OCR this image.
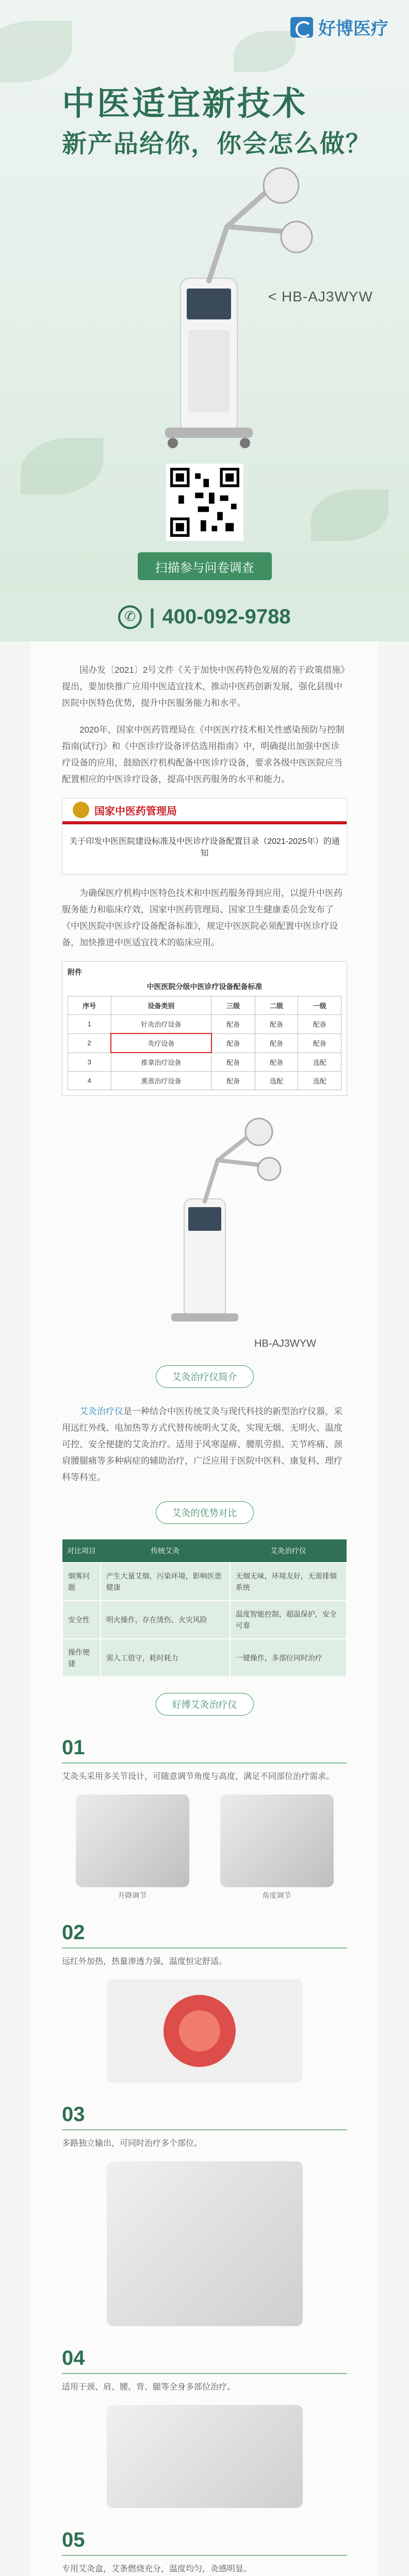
好博医疗
中医适宜新技术
新产品给你，你会怎么做？
< HB-AJ3WYW
扫描参与问卷调查
✆
| 400-092-9788

国办发〔2021〕2号文件《关于加快中医药特色发展的若干政策措施》提出，要加快推广应用中医适宜技术，推动中医药创新发展，强化县级中医院中医特色优势，提升中医服务能力和水平。

2020年，国家中医药管理局在《中医医疗技术相关性感染预防与控制指南(试行)》和《中医诊疗设备评估选用指南》中，明确提出加强中医诊疗设备的应用，鼓励医疗机构配备中医诊疗设备，要求各级中医医院应当配置相应的中医诊疗设备，提高中医药服务的水平和能力。

国家中医药管理局
关于印发中医医院建设标准及中医诊疗设备配置目录（2021-2025年）的通知

为确保医疗机构中医特色技术和中医药服务得到应用，以提升中医药服务能力和临床疗效，国家中医药管理局、国家卫生健康委员会发布了《中医医院中医诊疗设备配备标准》，规定中医医院必须配置中医诊疗设备，加快推进中医适宜技术的临床应用。

附件
中医医院分级中医诊疗设备配备标准
序号	设备类别	三级	二级	一级
1	针灸治疗设备	配备	配备	配备
2	灸疗设备	配备	配备	配备
3	推拿治疗设备	配备	配备	选配
4	熏蒸治疗设备	配备	选配	选配
HB-AJ3WYW
艾灸治疗仪简介

艾灸治疗仪是一种结合中医传统艾灸与现代科技的新型治疗仪器，采用远红外线、电加热等方式代替传统明火艾灸，实现无烟、无明火、温度可控、安全便捷的艾灸治疗。适用于风寒湿痹、腰肌劳损、关节疼痛、颈肩腰腿痛等多种病症的辅助治疗，广泛应用于医院中医科、康复科、理疗科等科室。

艾灸的优势对比
对比项目	传统艾灸	艾灸治疗仪
烟雾问题	产生大量艾烟，污染环境，影响医患健康	无烟无味，环境友好，无需排烟系统
安全性	明火操作，存在烫伤、火灾风险	温度智能控制，超温保护，安全可靠
操作便捷	需人工值守，耗时耗力	一键操作，多部位同时治疗
好博艾灸治疗仪
01

艾灸头采用多关节设计，可随意调节角度与高度，满足不同部位治疗需求。

升降调节	角度调节
02

远红外加热，热量渗透力强，温度恒定舒适。

03

多路独立输出，可同时治疗多个部位。

04

适用于颈、肩、腰、背、腿等全身多部位治疗。

05

专用艾灸盒，艾条燃烧充分，温度均匀，灸感明显。
